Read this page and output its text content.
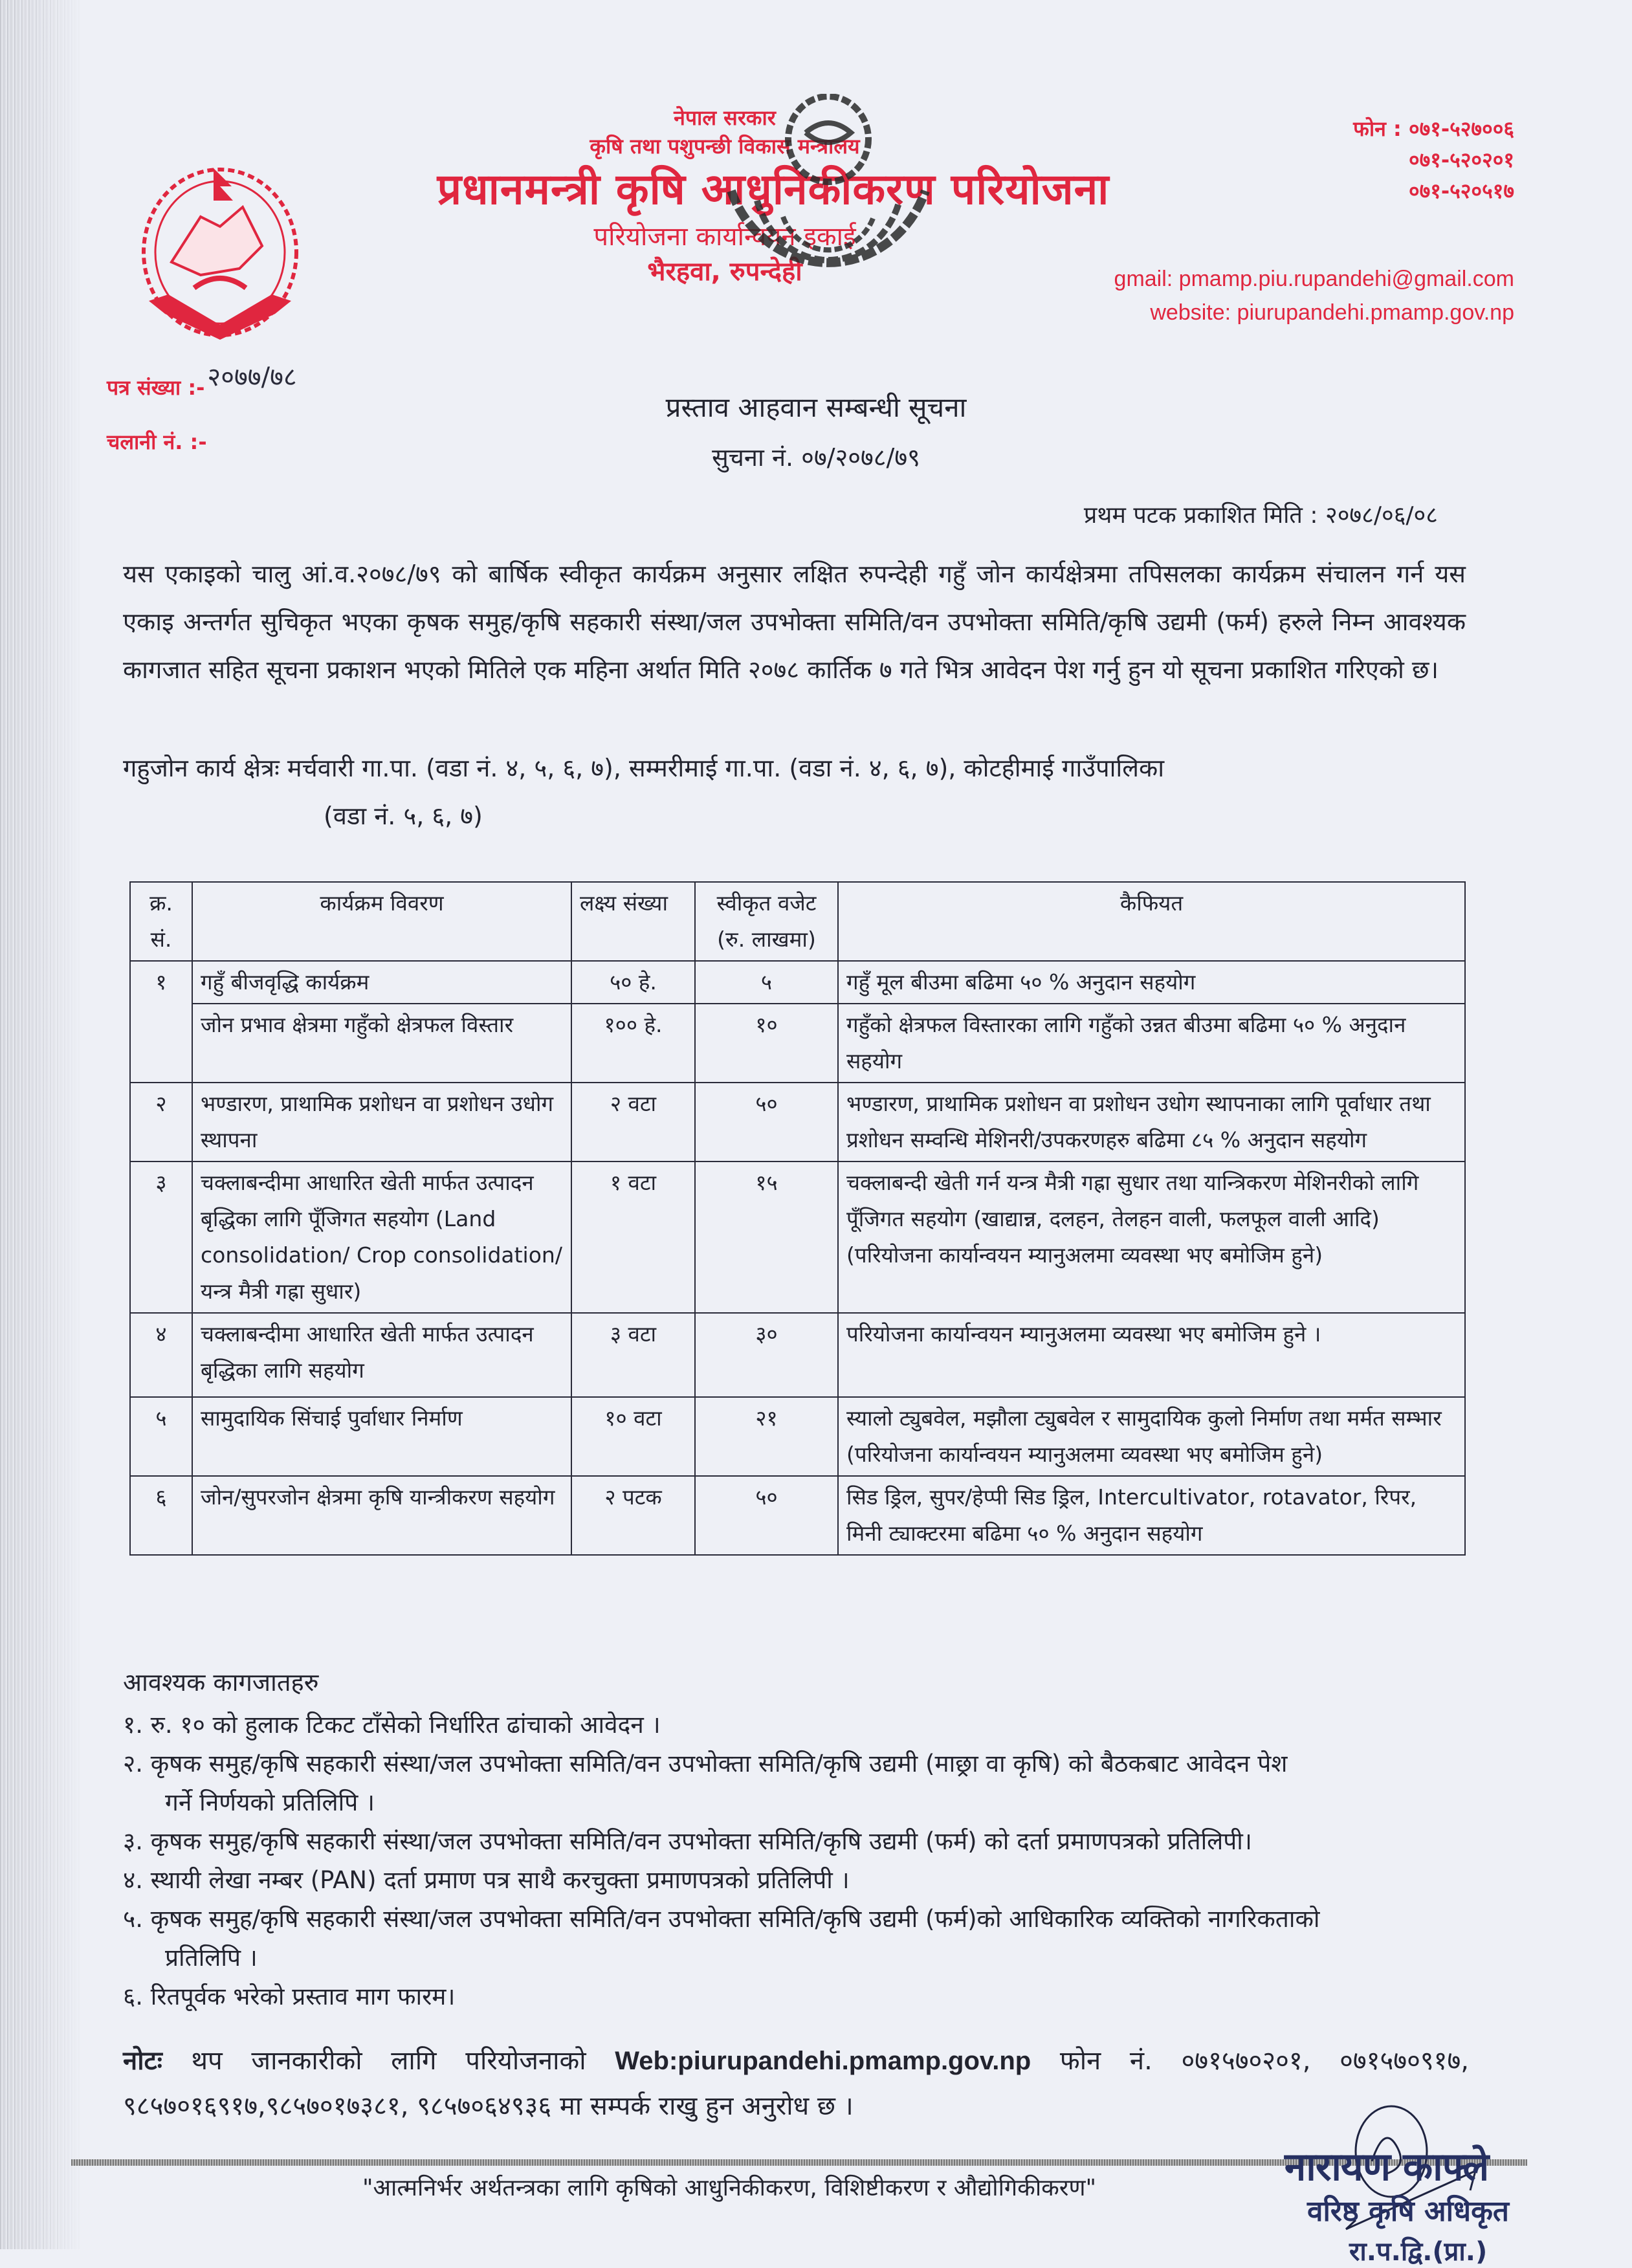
नेपाल सरकार
कृषि तथा पशुपन्छी विकास मन्त्रालय
प्रधानमन्त्री कृषि आधुनिकीकरण परियोजना
परियोजना कार्यान्वयन इकाई
भैरहवा, रुपन्देही
फोन : ०७१-५२७००६
०७१-५२०२०१
०७१-५२०५१७
gmail: pmamp.piu.rupandehi@gmail.com
website: piurupandehi.pmamp.gov.np
पत्र संख्या :- २०७७/७८
चलानी नं. :-
प्रस्ताव आहवान सम्बन्धी सूचना
सुचना नं. ०७/२०७८/७९
प्रथम पटक प्रकाशित मिति : २०७८/०६/०८
यस एकाइको चालु आं.व.२०७८/७९ को बार्षिक स्वीकृत कार्यक्रम अनुसार लक्षित रुपन्देही गहुँ जोन कार्यक्षेत्रमा तपिसलका कार्यक्रम संचालन गर्न यस एकाइ अन्तर्गत सुचिकृत भएका कृषक समुह/कृषि सहकारी संस्था/जल उपभोक्ता समिति/वन उपभोक्ता समिति/कृषि उद्यमी (फर्म) हरुले निम्न आवश्यक कागजात सहित सूचना प्रकाशन भएको मितिले एक महिना अर्थात मिति २०७८ कार्तिक ७ गते भित्र आवेदन पेश गर्नु हुन यो सूचना प्रकाशित गरिएको छ।
गहुजोन कार्य क्षेत्रः मर्चवारी गा.पा. (वडा नं. ४, ५, ६, ७), सम्मरीमाई गा.पा. (वडा नं. ४, ६, ७), कोटहीमाई गाउँपालिका
(वडा नं. ५, ६, ७)
क्र. सं.	कार्यक्रम विवरण	लक्ष्य संख्या	स्वीकृत वजेट (रु. लाखमा)	कैफियत
१	गहुँ बीजवृद्धि कार्यक्रम	५० हे.	५	गहुँ मूल बीउमा बढिमा ५० % अनुदान सहयोग
	जोन प्रभाव क्षेत्रमा गहुँको क्षेत्रफल विस्तार	१०० हे.	१०	गहुँको क्षेत्रफल विस्तारका लागि गहुँको उन्नत बीउमा बढिमा ५० % अनुदान सहयोग
२	भण्डारण, प्राथामिक प्रशोधन वा प्रशोधन उधोग स्थापना	२ वटा	५०	भण्डारण, प्राथामिक प्रशोधन वा प्रशोधन उधोग स्थापनाका लागि पूर्वाधार तथा प्रशोधन सम्वन्धि मेशिनरी/उपकरणहरु बढिमा ८५ % अनुदान सहयोग
३	चक्लाबन्दीमा आधारित खेती मार्फत उत्पादन बृद्धिका लागि पूँजिगत सहयोग (Land consolidation/ Crop consolidation/यन्त्र मैत्री गह्रा सुधार)	१ वटा	१५	चक्लाबन्दी खेती गर्न यन्त्र मैत्री गह्रा सुधार तथा यान्त्रिकरण मेशिनरीको लागि पूँजिगत सहयोग (खाद्यान्न, दलहन, तेलहन वाली, फलफूल वाली आदि) (परियोजना कार्यान्वयन म्यानुअलमा व्यवस्था भए बमोजिम हुने)
४	चक्लाबन्दीमा आधारित खेती मार्फत उत्पादन बृद्धिका लागि सहयोग	३ वटा	३०	परियोजना कार्यान्वयन म्यानुअलमा व्यवस्था भए बमोजिम हुने ।
५	सामुदायिक सिंचाई पुर्वाधार निर्माण	१० वटा	२१	स्यालो ट्युबवेल, मझौला ट्युबवेल र सामुदायिक कुलो निर्माण तथा मर्मत सम्भार (परियोजना कार्यान्वयन म्यानुअलमा व्यवस्था भए बमोजिम हुने)
६	जोन/सुपरजोन क्षेत्रमा कृषि यान्त्रीकरण सहयोग	२ पटक	५०	सिड ड्रिल, सुपर/हेप्पी सिड ड्रिल, Intercultivator, rotavator, रिपर, मिनी ट्याक्टरमा बढिमा ५० % अनुदान सहयोग
आवश्यक कागजातहरु
१. रु. १० को हुलाक टिकट टाँसेको निर्धारित ढांचाको आवेदन ।
२. कृषक समुह/कृषि सहकारी संस्था/जल उपभोक्ता समिति/वन उपभोक्ता समिति/कृषि उद्यमी (माछ्रा वा कृषि) को बैठकबाट आवेदन पेश
गर्ने निर्णयको प्रतिलिपि ।
३. कृषक समुह/कृषि सहकारी संस्था/जल उपभोक्ता समिति/वन उपभोक्ता समिति/कृषि उद्यमी (फर्म) को दर्ता प्रमाणपत्रको प्रतिलिपी।
४. स्थायी लेखा नम्बर (PAN) दर्ता प्रमाण पत्र साथै करचुक्ता प्रमाणपत्रको प्रतिलिपी ।
५. कृषक समुह/कृषि सहकारी संस्था/जल उपभोक्ता समिति/वन उपभोक्ता समिति/कृषि उद्यमी (फर्म)को आधिकारिक व्यक्तिको नागरिकताको
प्रतिलिपि ।
६. रितपूर्वक भरेको प्रस्ताव माग फारम।
नोटः थप जानकारीको लागि परियोजनाको Web:piurupandehi.pmamp.gov.np फोन नं. ०७१५७०२०१, ०७१५७०९१७, ९८५७०१६९१७,९८५७०१७३८१, ९८५७०६४९३६ मा सम्पर्क राखु हुन अनुरोध छ ।
"आत्मनिर्भर अर्थतन्त्रका लागि कृषिको आधुनिकीकरण, विशिष्टीकरण र औद्योगिकीकरण"	नारायण काफ्ले
वरिष्ठ कृषि अधिकृत
रा.प.द्वि.(प्रा.)
